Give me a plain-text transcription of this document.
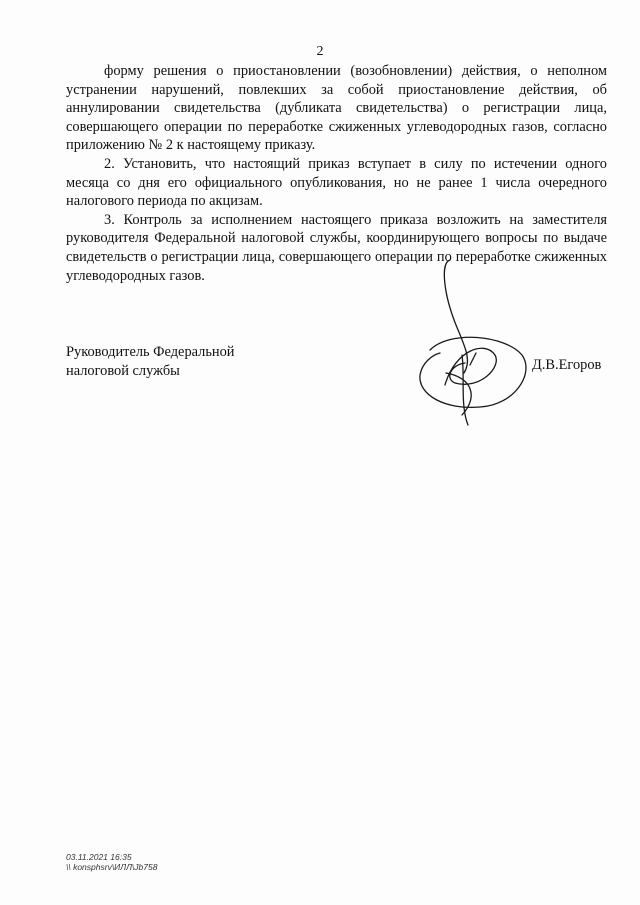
2

форму решения о приостановлении (возобновлении) действия, о неполном устранении нарушений, повлекших за собой приостановление действия, об аннулировании свидетельства (дубликата свидетельства) о регистрации лица, совершающего операции по переработке сжиженных углеводородных газов, согласно приложению № 2 к настоящему приказу.

2. Установить, что настоящий приказ вступает в силу по истечении одного месяца со дня его официального опубликования, но не ранее 1 числа очередного налогового периода по акцизам.

3. Контроль за исполнением настоящего приказа возложить на заместителя руководителя Федеральной налоговой службы, координирующего вопросы по выдаче свидетельств о регистрации лица, совершающего операции по переработке сжиженных углеводородных газов.

Руководитель Федеральной
налоговой службы	Д.В.Егоров
03.11.2021 16:35
\\ konsphsrv\ИЛЛ\Jb758
